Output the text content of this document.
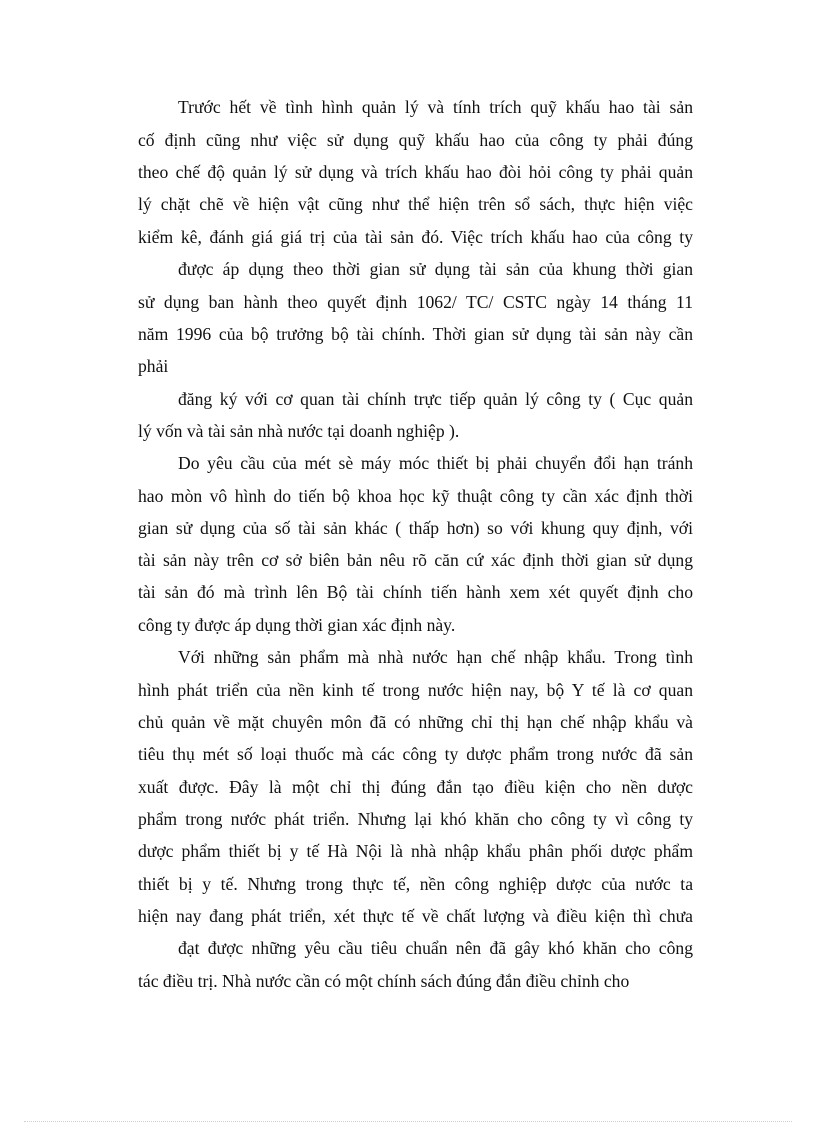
Trước hết về tình hình quản lý và tính trích quỹ khấu hao tài sản
cố định cũng như việc sử dụng quỹ khấu hao của công ty phải đúng
theo chế độ quản lý sử dụng và trích khấu hao đòi hỏi công ty phải quản
lý chặt chẽ về hiện vật cũng như thể hiện trên sổ sách, thực hiện việc
kiểm kê, đánh giá giá trị của tài sản đó. Việc trích khấu hao của công ty
được áp dụng theo thời gian sử dụng tài sản của khung thời gian
sử dụng ban hành theo quyết định 1062/ TC/ CSTC ngày 14 tháng 11
năm 1996 của bộ trưởng bộ tài chính. Thời gian sử dụng tài sản này cần
phải
đăng ký với cơ quan tài chính trực tiếp quản lý công ty ( Cục quản
lý vốn và tài sản nhà nước tại doanh nghiệp ).
Do yêu cầu của mét sè máy móc thiết bị phải chuyển đổi hạn tránh
hao mòn vô hình do tiến bộ khoa học kỹ thuật công ty cần xác định thời
gian sử dụng của số tài sản khác ( thấp hơn) so với khung quy định, với
tài sản này trên cơ sở biên bản nêu rõ căn cứ xác định thời gian sử dụng
tài sản đó mà trình lên Bộ tài chính tiến hành xem xét quyết định cho
công ty được áp dụng thời gian xác định này.
Với những sản phẩm mà nhà nước hạn chế nhập khẩu. Trong tình
hình phát triển của nền kinh tế trong nước hiện nay, bộ Y tế là cơ quan
chủ quản về mặt chuyên môn đã có những chỉ thị hạn chế nhập khẩu và
tiêu thụ mét số loại thuốc mà các công ty dược phẩm trong nước đã sản
xuất được. Đây là một chỉ thị đúng đắn tạo điều kiện cho nền dược
phẩm trong nước phát triển. Nhưng lại khó khăn cho công ty vì công ty
dược phẩm thiết bị y tế Hà Nội là nhà nhập khẩu phân phối dược phẩm
thiết bị y tế. Nhưng trong thực tế, nền công nghiệp dược của nước ta
hiện nay đang phát triển, xét thực tế về chất lượng và điều kiện thì chưa
đạt được những yêu cầu tiêu chuẩn nên đã gây khó khăn cho công
tác điều trị. Nhà nước cần có một chính sách đúng đắn điều chỉnh cho
